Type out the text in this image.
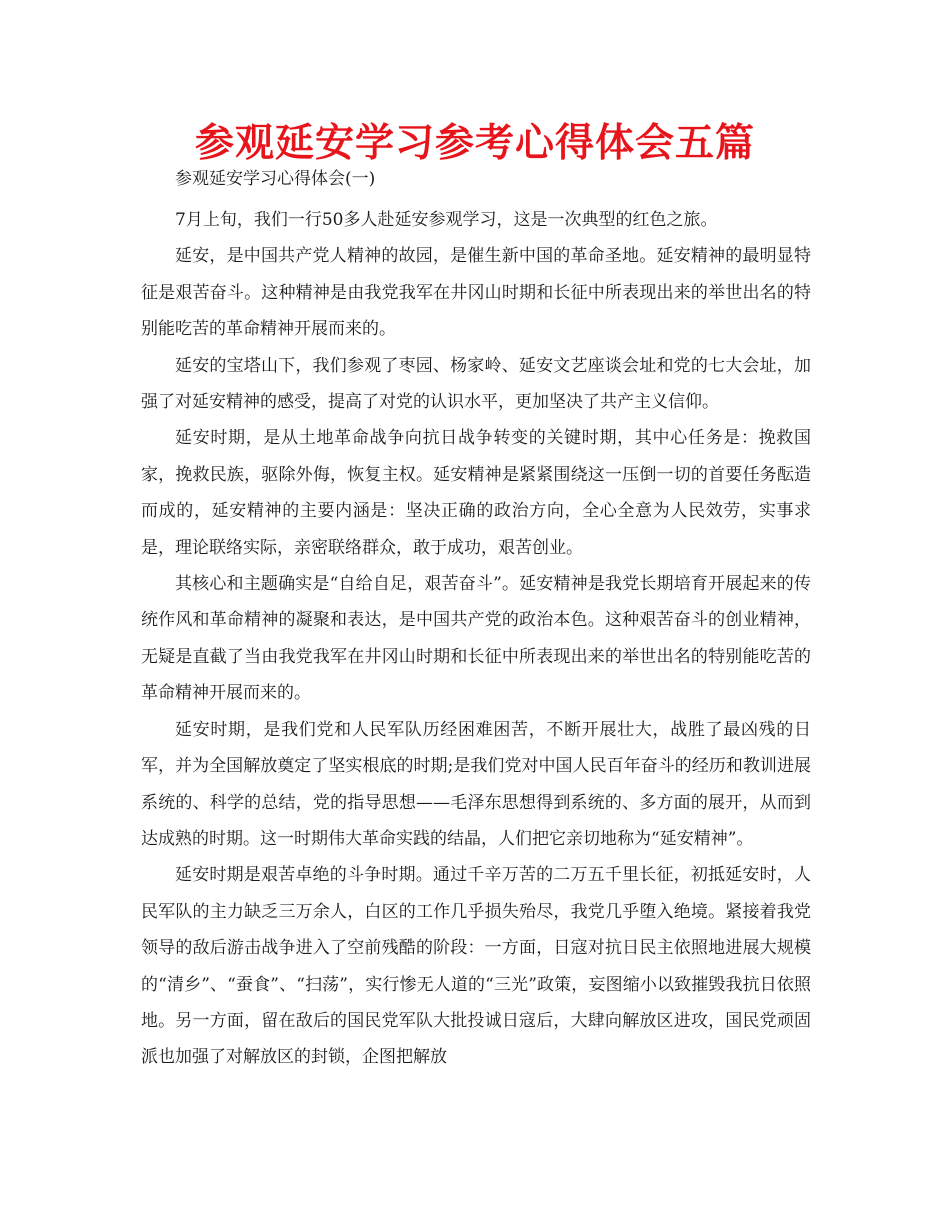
参观延安学习参考心得体会五篇

参观延安学习心得体会(一)

7月上旬，我们一行50多人赴延安参观学习，这是一次典型的红色之旅。

延安，是中国共产党人精神的故园，是催生新中国的革命圣地。延安精神的最明显特征是艰苦奋斗。这种精神是由我党我军在井冈山时期和长征中所表现出来的举世出名的特别能吃苦的革命精神开展而来的。

延安的宝塔山下，我们参观了枣园、杨家岭、延安文艺座谈会址和党的七大会址，加强了对延安精神的感受，提高了对党的认识水平，更加坚决了共产主义信仰。

延安时期，是从土地革命战争向抗日战争转变的关键时期，其中心任务是：挽救国家，挽救民族，驱除外侮，恢复主权。延安精神是紧紧围绕这一压倒一切的首要任务酝造而成的，延安精神的主要内涵是：坚决正确的政治方向，全心全意为人民效劳，实事求是，理论联络实际，亲密联络群众，敢于成功，艰苦创业。

其核心和主题确实是“自给自足，艰苦奋斗”。延安精神是我党长期培育开展起来的传统作风和革命精神的凝聚和表达，是中国共产党的政治本色。这种艰苦奋斗的创业精神，无疑是直截了当由我党我军在井冈山时期和长征中所表现出来的举世出名的特别能吃苦的革命精神开展而来的。

延安时期，是我们党和人民军队历经困难困苦，不断开展壮大，战胜了最凶残的日军，并为全国解放奠定了坚实根底的时期;是我们党对中国人民百年奋斗的经历和教训进展系统的、科学的总结，党的指导思想——毛泽东思想得到系统的、多方面的展开，从而到达成熟的时期。这一时期伟大革命实践的结晶，人们把它亲切地称为“延安精神”。

延安时期是艰苦卓绝的斗争时期。通过千辛万苦的二万五千里长征，初抵延安时，人民军队的主力缺乏三万余人，白区的工作几乎损失殆尽，我党几乎堕入绝境。紧接着我党领导的敌后游击战争进入了空前残酷的阶段：一方面，日寇对抗日民主依照地进展大规模的“清乡”、“蚕食”、“扫荡”，实行惨无人道的“三光”政策，妄图缩小以致摧毁我抗日依照地。另一方面，留在敌后的国民党军队大批投诚日寇后，大肆向解放区进攻，国民党顽固派也加强了对解放区的封锁，企图把解放
